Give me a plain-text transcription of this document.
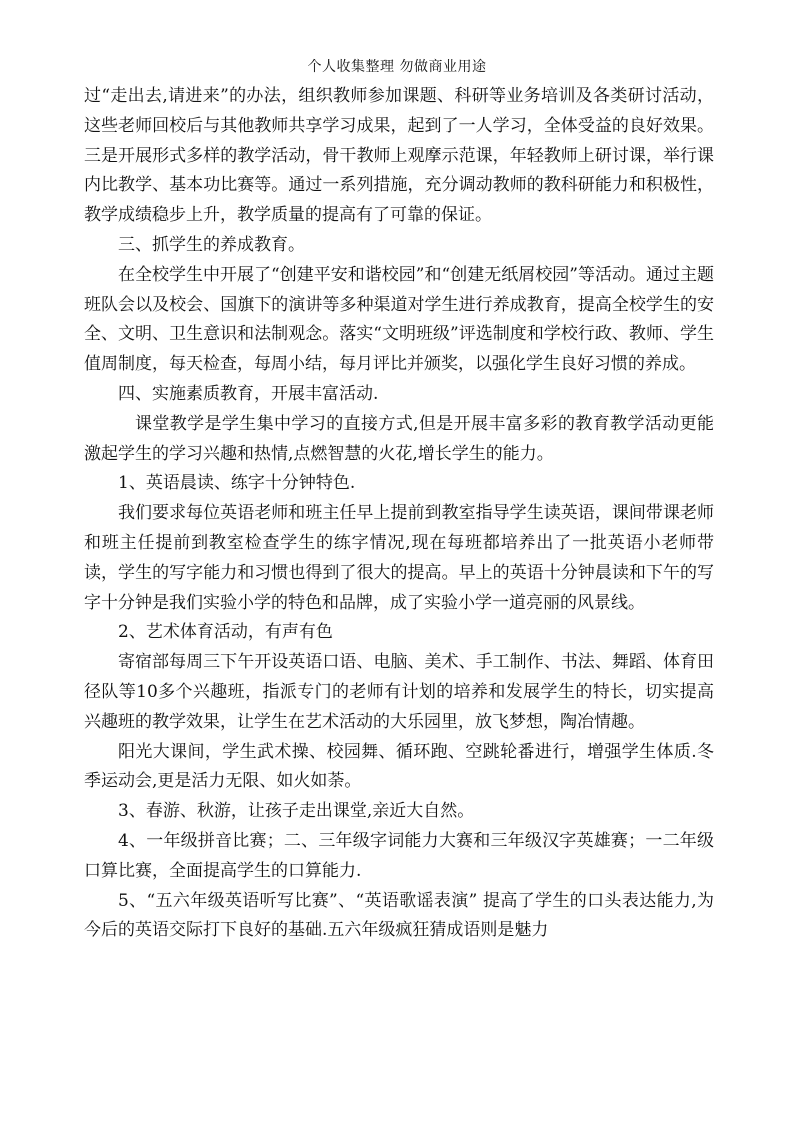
个人收集整理 勿做商业用途

过“走出去,请进来”的办法，组织教师参加课题、科研等业务培训及各类研讨活动，这些老师回校后与其他教师共享学习成果，起到了一人学习，全体受益的良好效果。三是开展形式多样的教学活动，骨干教师上观摩示范课，年轻教师上研讨课，举行课内比教学、基本功比赛等。通过一系列措施，充分调动教师的教科研能力和积极性，教学成绩稳步上升，教学质量的提高有了可靠的保证。

三、抓学生的养成教育。

在全校学生中开展了“创建平安和谐校园”和“创建无纸屑校园”等活动。通过主题班队会以及校会、国旗下的演讲等多种渠道对学生进行养成教育，提高全校学生的安全、文明、卫生意识和法制观念。落实“文明班级”评选制度和学校行政、教师、学生值周制度，每天检查，每周小结，每月评比并颁奖，以强化学生良好习惯的养成。

四、实施素质教育，开展丰富活动.

课堂教学是学生集中学习的直接方式,但是开展丰富多彩的教育教学活动更能激起学生的学习兴趣和热情,点燃智慧的火花,增长学生的能力。

1、英语晨读、练字十分钟特色.

我们要求每位英语老师和班主任早上提前到教室指导学生读英语，课间带课老师和班主任提前到教室检查学生的练字情况,现在每班都培养出了一批英语小老师带读，学生的写字能力和习惯也得到了很大的提高。早上的英语十分钟晨读和下午的写字十分钟是我们实验小学的特色和品牌，成了实验小学一道亮丽的风景线。

2、艺术体育活动，有声有色

寄宿部每周三下午开设英语口语、电脑、美术、手工制作、书法、舞蹈、体育田径队等10多个兴趣班，指派专门的老师有计划的培养和发展学生的特长，切实提高兴趣班的教学效果，让学生在艺术活动的大乐园里，放飞梦想，陶冶情趣。

阳光大课间，学生武术操、校园舞、循环跑、空跳轮番进行，增强学生体质.冬季运动会,更是活力无限、如火如荼。

3、春游、秋游，让孩子走出课堂,亲近大自然。

4、一年级拼音比赛；二、三年级字词能力大赛和三年级汉字英雄赛；一二年级口算比赛，全面提高学生的口算能力.

5、“五六年级英语听写比赛”、“英语歌谣表演” 提高了学生的口头表达能力,为今后的英语交际打下良好的基础.五六年级疯狂猜成语则是魅力
